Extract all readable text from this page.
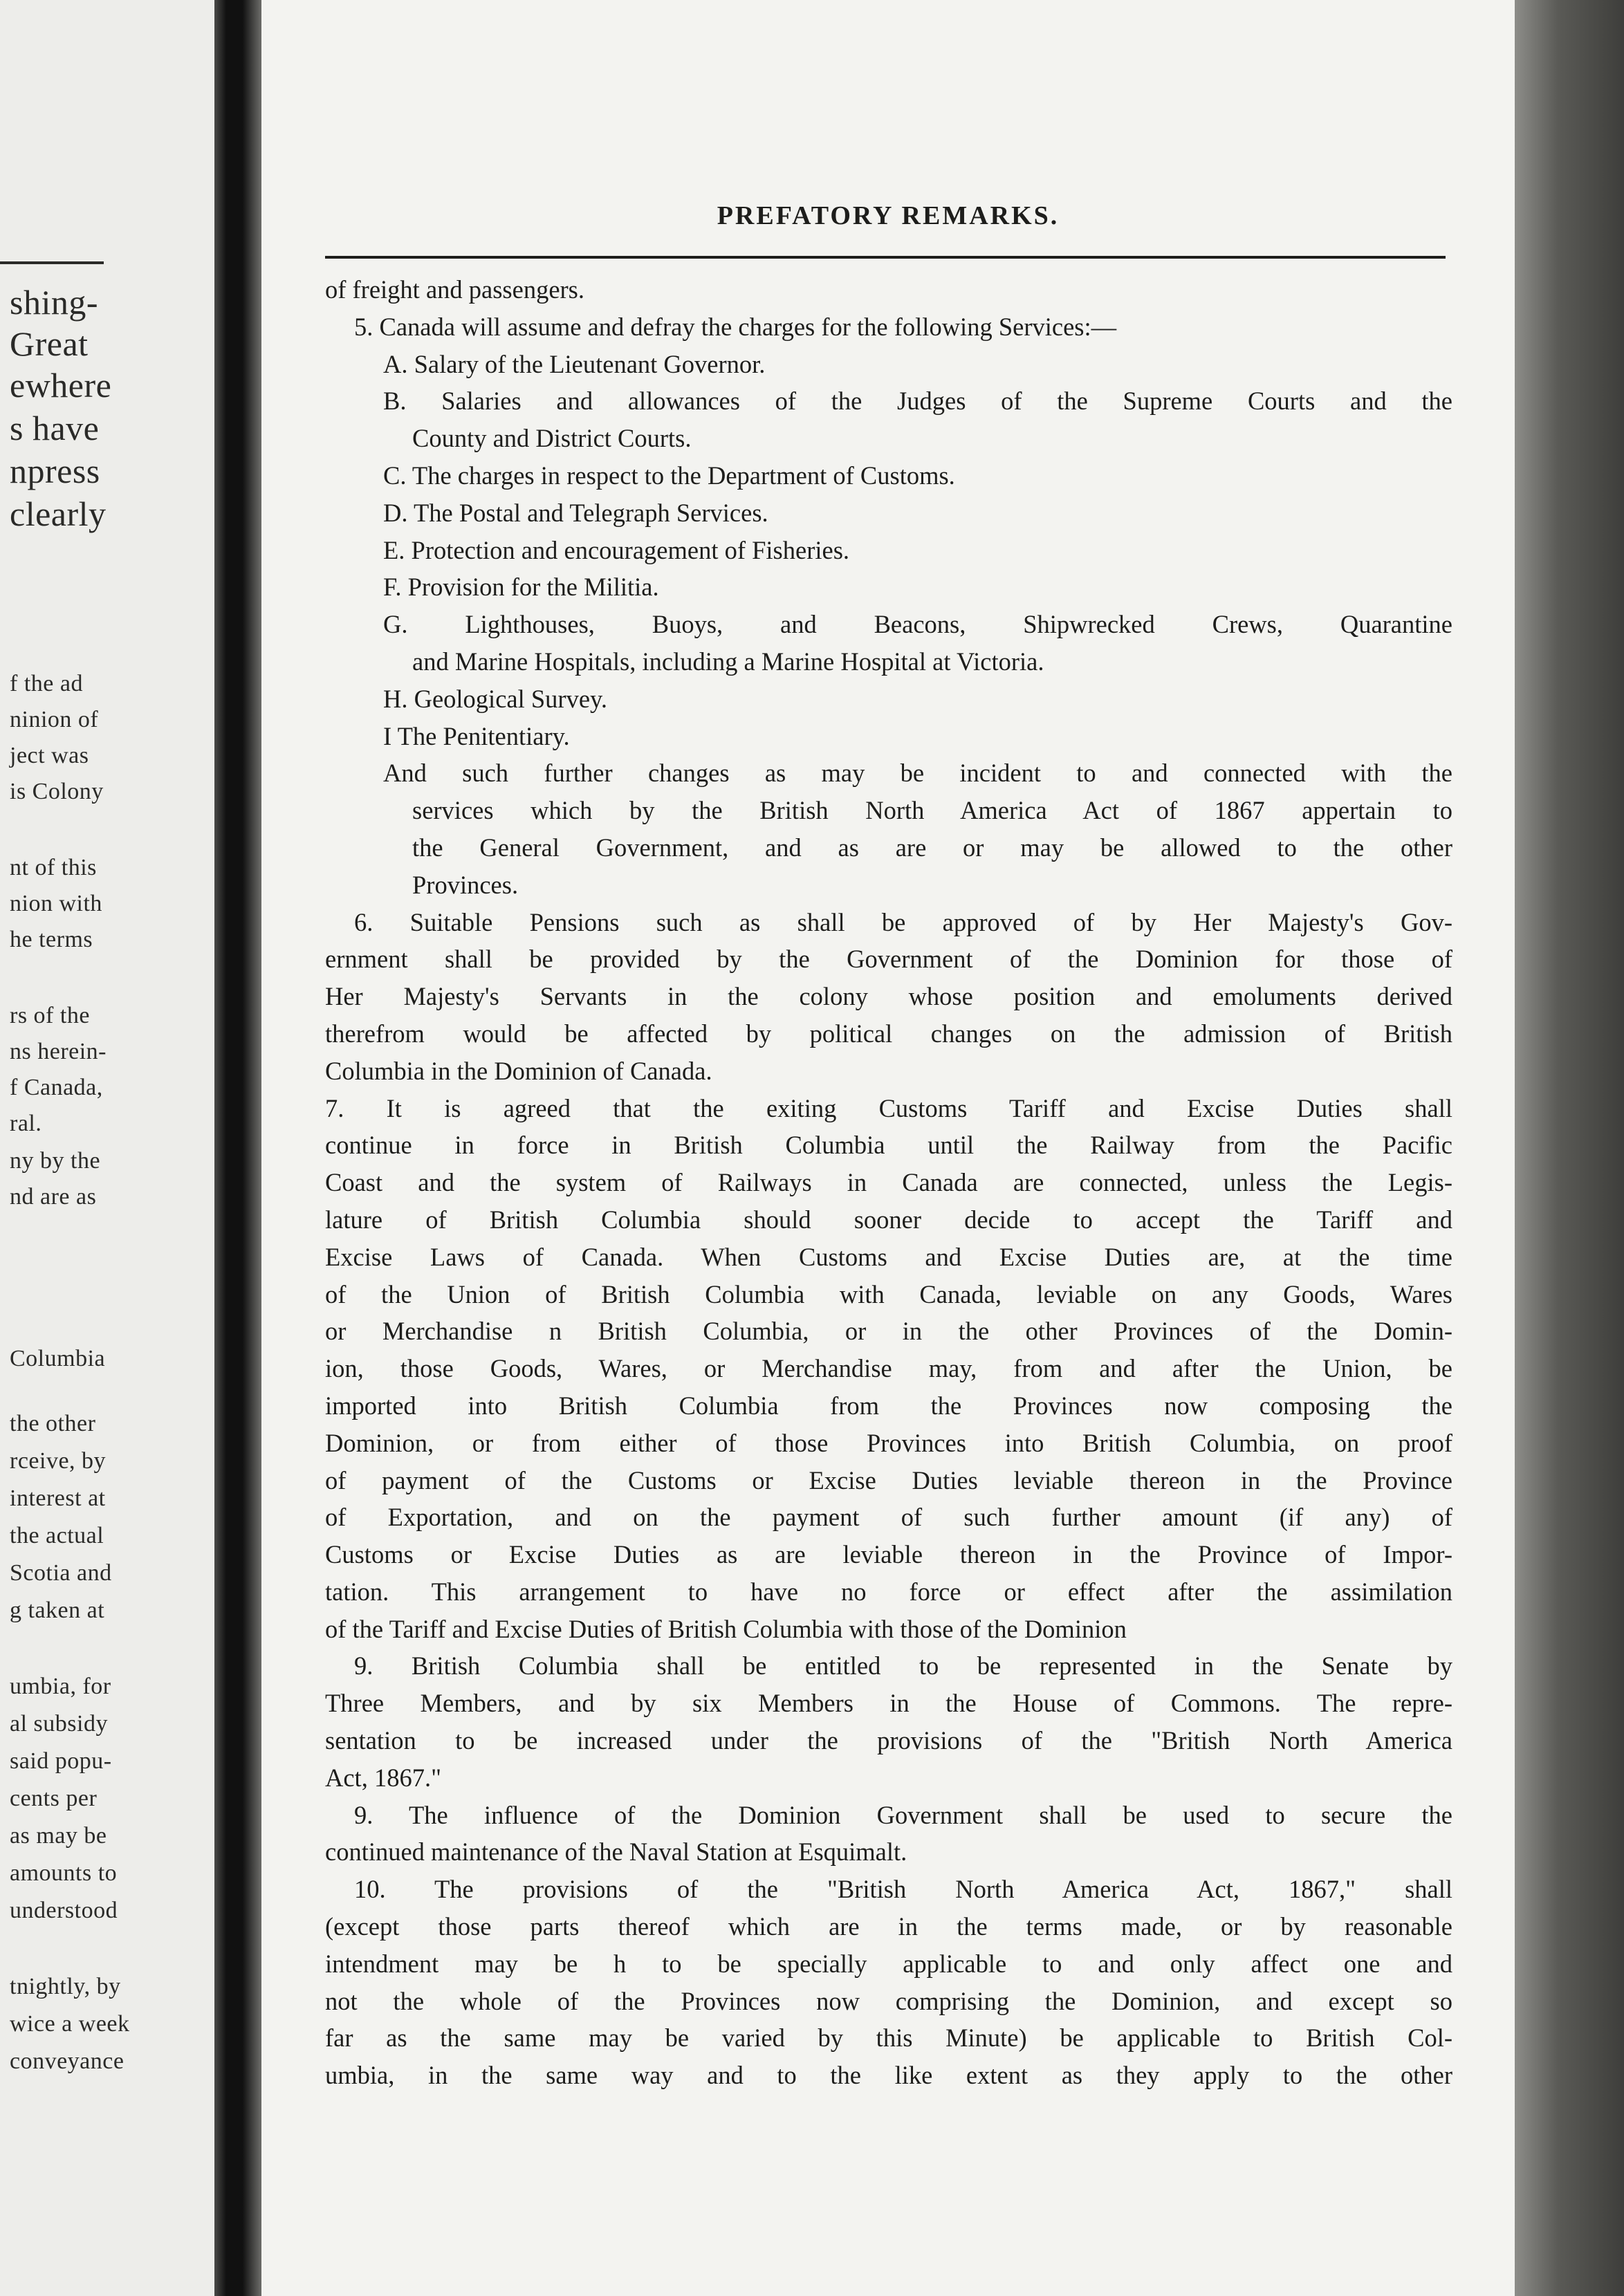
shing-
Great
ewhere
s have
npress
clearly
f the ad
ninion of
ject was
is Colony
nt of this
nion with
he terms
rs of the
ns herein-
f Canada,
ral.
ny by the
nd are as
Columbia
the other
rceive, by
interest at
the actual
Scotia and
g taken at
umbia, for
al subsidy
said popu-
cents per
as may be
amounts to
understood
tnightly, by
wice a week
conveyance
PREFATORY REMARKS.
of freight and passengers.
5. Canada will assume and defray the charges for the following Services:—
A. Salary of the Lieutenant Governor.
B. Salaries and allowances of the Judges of the Supreme Courts and the
County and District Courts.
C. The charges in respect to the Department of Customs.
D. The Postal and Telegraph Services.
E. Protection and encouragement of Fisheries.
F. Provision for the Militia.
G. Lighthouses, Buoys, and Beacons, Shipwrecked Crews, Quarantine
and Marine Hospitals, including a Marine Hospital at Victoria.
H. Geological Survey.
I The Penitentiary.
And such further changes as may be incident to and connected with the
services which by the British North America Act of 1867 appertain to
the General Government, and as are or may be allowed to the other
Provinces.
6. Suitable Pensions such as shall be approved of by Her Majesty's Gov-
ernment shall be provided by the Government of the Dominion for those of
Her Majesty's Servants in the colony whose position and emoluments derived
therefrom would be affected by political changes on the admission of British
Columbia in the Dominion of Canada.
7. It is agreed that the exiting Customs Tariff and Excise Duties shall
continue in force in British Columbia until the Railway from the Pacific
Coast and the system of Railways in Canada are connected, unless the Legis-
lature of British Columbia should sooner decide to accept the Tariff and
Excise Laws of Canada. When Customs and Excise Duties are, at the time
of the Union of British Columbia with Canada, leviable on any Goods, Wares
or Merchandise n British Columbia, or in the other Provinces of the Domin-
ion, those Goods, Wares, or Merchandise may, from and after the Union, be
imported into British Columbia from the Provinces now composing the
Dominion, or from either of those Provinces into British Columbia, on proof
of payment of the Customs or Excise Duties leviable thereon in the Province
of Exportation, and on the payment of such further amount (if any) of
Customs or Excise Duties as are leviable thereon in the Province of Impor-
tation. This arrangement to have no force or effect after the assimilation
of the Tariff and Excise Duties of British Columbia with those of the Dominion
9. British Columbia shall be entitled to be represented in the Senate by
Three Members, and by six Members in the House of Commons. The repre-
sentation to be increased under the provisions of the "British North America
Act, 1867."
9. The influence of the Dominion Government shall be used to secure the
continued maintenance of the Naval Station at Esquimalt.
10. The provisions of the "British North America Act, 1867," shall
(except those parts thereof which are in the terms made, or by reasonable
intendment may be h to be specially applicable to and only affect one and
not the whole of the Provinces now comprising the Dominion, and except so
far as the same may be varied by this Minute) be applicable to British Col-
umbia, in the same way and to the like extent as they apply to the other
